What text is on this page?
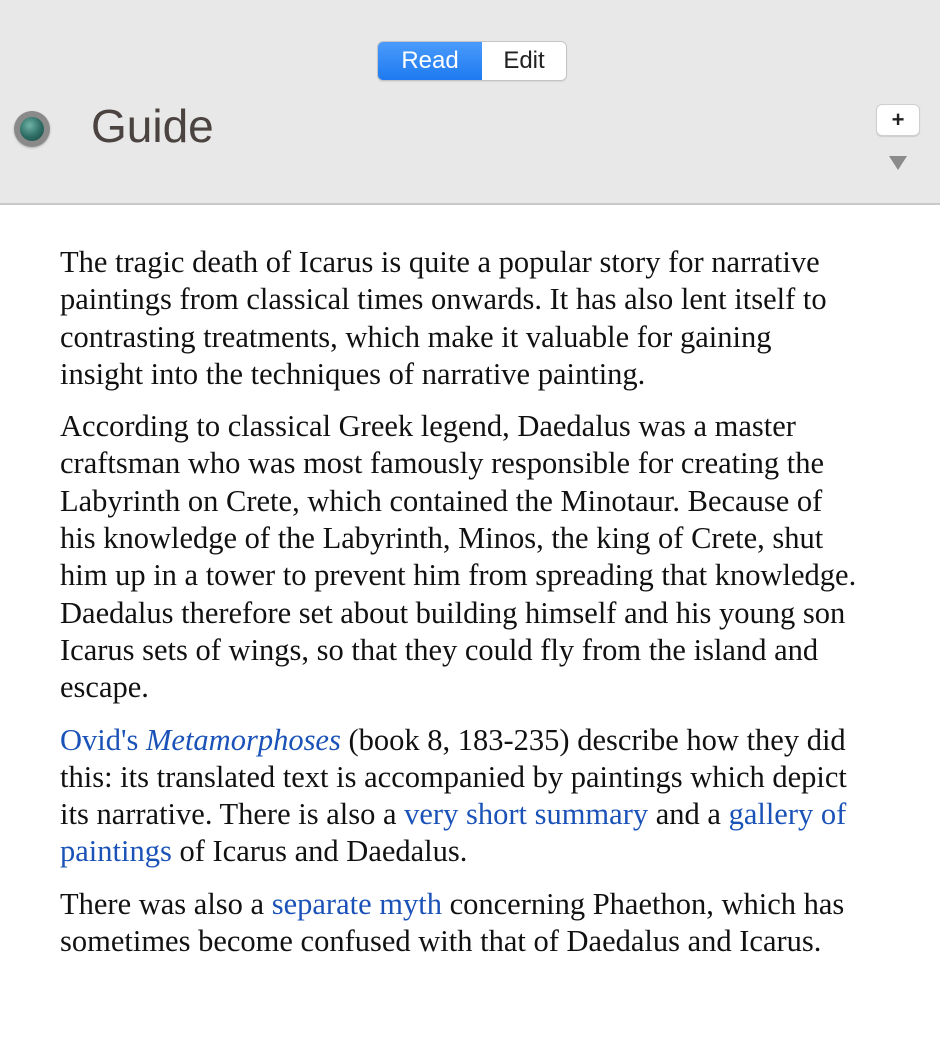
Read	Edit
Guide	+

The tragic death of Icarus is quite a popular story for narrative paintings from classical times onwards. It has also lent itself to contrasting treatments, which make it valuable for gaining insight into the techniques of narrative painting.

According to classical Greek legend, Daedalus was a master craftsman who was most famously responsible for creating the Labyrinth on Crete, which contained the Minotaur. Because of his knowledge of the Labyrinth, Minos, the king of Crete, shut him up in a tower to prevent him from spreading that knowledge. Daedalus therefore set about building himself and his young son Icarus sets of wings, so that they could fly from the island and escape.

Ovid's Metamorphoses (book 8, 183-235) describe how they did this: its translated text is accompanied by paintings which depict its narrative. There is also a very short summary and a gallery of paintings of Icarus and Daedalus.

There was also a separate myth concerning Phaethon, which has sometimes become confused with that of Daedalus and Icarus.
